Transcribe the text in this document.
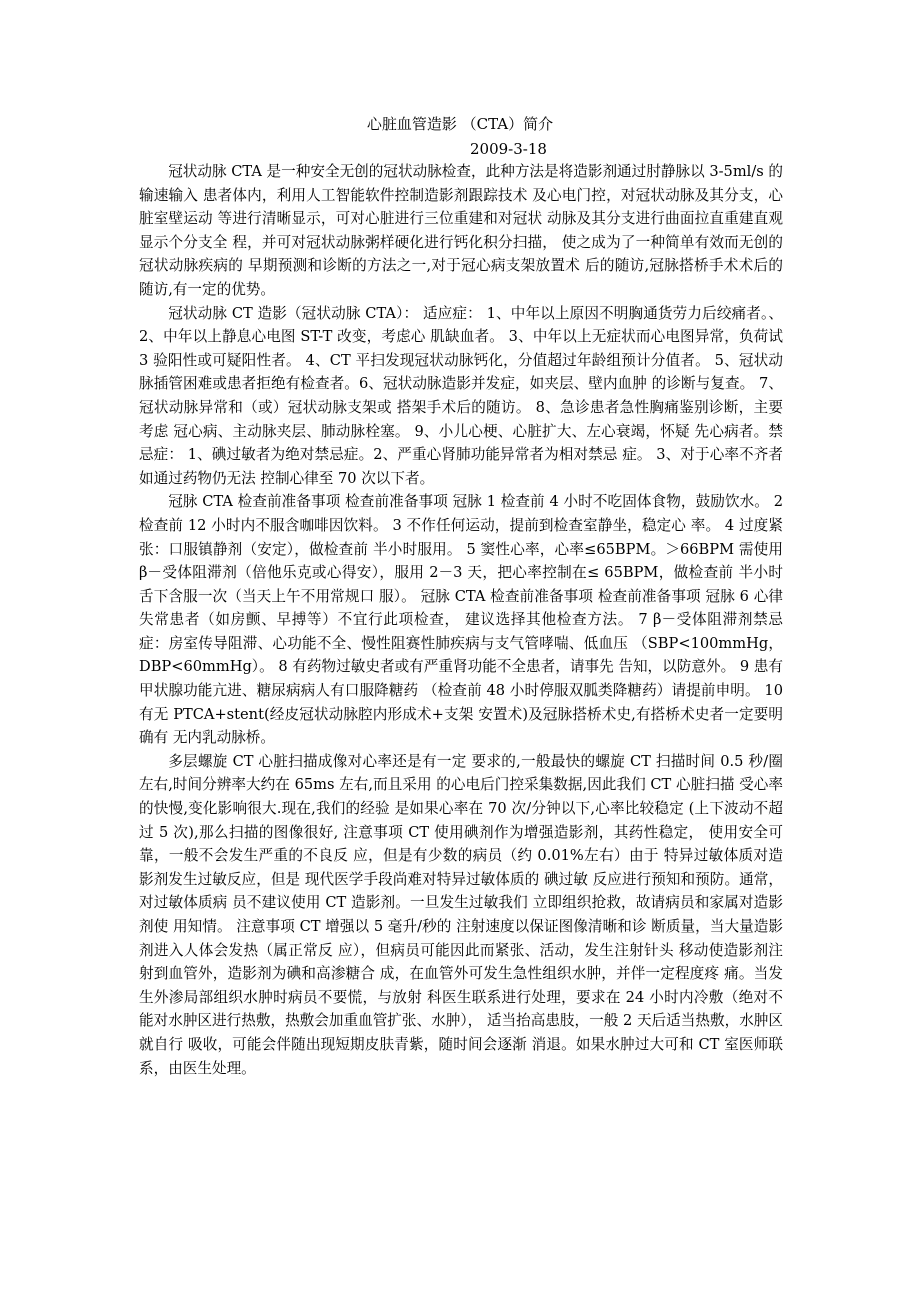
心脏血管造影 （CTA）简介
2009-3-18

冠状动脉 CTA 是一种安全无创的冠状动脉检查，此种方法是将造影剂通过肘静脉以 3-5ml/s 的输速输入 患者体内，利用人工智能软件控制造影剂跟踪技术 及心电门控，对冠状动脉及其分支，心脏室壁运动 等进行清晰显示，可对心脏进行三位重建和对冠状 动脉及其分支进行曲面拉直重建直观显示个分支全 程，并可对冠状动脉粥样硬化进行钙化积分扫描， 使之成为了一种简单有效而无创的冠状动脉疾病的 早期预测和诊断的方法之一,对于冠心病支架放置术 后的随访,冠脉搭桥手术术后的随访,有一定的优势。

冠状动脉 CT 造影（冠状动脉 CTA）： 适应症： 1、中年以上原因不明胸通货劳力后绞痛者。、 2、中年以上静息心电图 ST-T 改变，考虑心 肌缺血者。 3、中年以上无症状而心电图异常，负荷试 3 验阳性或可疑阳性者。 4、CT 平扫发现冠状动脉钙化，分值超过年龄组预计分值者。 5、冠状动脉插管困难或患者拒绝有检查者。6、冠状动脉造影并发症，如夹层、壁内血肿 的诊断与复查。 7、冠状动脉异常和（或）冠状动脉支架或 搭架手术后的随访。 8、急诊患者急性胸痛鉴别诊断，主要考虑 冠心病、主动脉夹层、肺动脉栓塞。 9、小儿心梗、心脏扩大、左心衰竭，怀疑 先心病者。禁忌症： 1、碘过敏者为绝对禁忌症。2、严重心肾肺功能异常者为相对禁忌 症。 3、对于心率不齐者如通过药物仍无法 控制心律至 70 次以下者。

冠脉 CTA 检查前准备事项 检查前准备事项 冠脉 1 检查前 4 小时不吃固体食物，鼓励饮水。 2 检查前 12 小时内不服含咖啡因饮料。 3 不作任何运动，提前到检查室静坐，稳定心 率。 4 过度紧张：口服镇静剂（安定），做检查前 半小时服用。 5 窦性心率，心率≤65BPM。＞66BPM 需使用 β－受体阻滞剂（倍他乐克或心得安），服用 2－3 天，把心率控制在≤ 65BPM，做检查前 半小时舌下含服一次（当天上午不用常规口 服）。 冠脉 CTA 检查前准备事项 检查前准备事项 冠脉 6 心律失常患者（如房颤、早搏等）不宜行此项检查， 建议选择其他检查方法。 7 β－受体阻滞剂禁忌症：房室传导阻滞、心功能不全、慢性阻赛性肺疾病与支气管哮喘、低血压 （SBP<100mmHg，DBP<60mmHg）。 8 有药物过敏史者或有严重肾功能不全患者，请事先 告知，以防意外。 9 患有甲状腺功能亢进、糖尿病病人有口服降糖药 （检查前 48 小时停服双胍类降糖药）请提前申明。 10 有无 PTCA+stent(经皮冠状动脉腔内形成术+支架 安置术)及冠脉搭桥术史,有搭桥术史者一定要明确有 无内乳动脉桥。

多层螺旋 CT 心脏扫描成像对心率还是有一定 要求的,一般最快的螺旋 CT 扫描时间 0.5 秒/圈 左右,时间分辨率大约在 65ms 左右,而且采用 的心电后门控采集数据,因此我们 CT 心脏扫描 受心率的快慢,变化影响很大.现在,我们的经验 是如果心率在 70 次/分钟以下,心率比较稳定 (上下波动不超过 5 次),那么扫描的图像很好, 注意事项 CT 使用碘剂作为增强造影剂，其药性稳定， 使用安全可靠，一般不会发生严重的不良反 应，但是有少数的病员（约 0.01%左右）由于 特异过敏体质对造影剂发生过敏反应，但是 现代医学手段尚难对特异过敏体质的 碘过敏 反应进行预知和预防。通常，对过敏体质病 员不建议使用 CT 造影剂。一旦发生过敏我们 立即组织抢救，故请病员和家属对造影剂使 用知情。 注意事项 CT 增强以 5 毫升/秒的 注射速度以保证图像清晰和诊 断质量，当大量造影剂进入人体会发热（属正常反 应），但病员可能因此而紧张、活动，发生注射针头 移动使造影剂注射到血管外，造影剂为碘和高渗糖合 成，在血管外可发生急性组织水肿，并伴一定程度疼 痛。当发生外渗局部组织水肿时病员不要慌，与放射 科医生联系进行处理，要求在 24 小时内冷敷（绝对不 能对水肿区进行热敷，热敷会加重血管扩张、水肿）， 适当抬高患肢，一般 2 天后适当热敷，水肿区就自行 吸收，可能会伴随出现短期皮肤青紫，随时间会逐渐 消退。如果水肿过大可和 CT 室医师联系，由医生处理。
